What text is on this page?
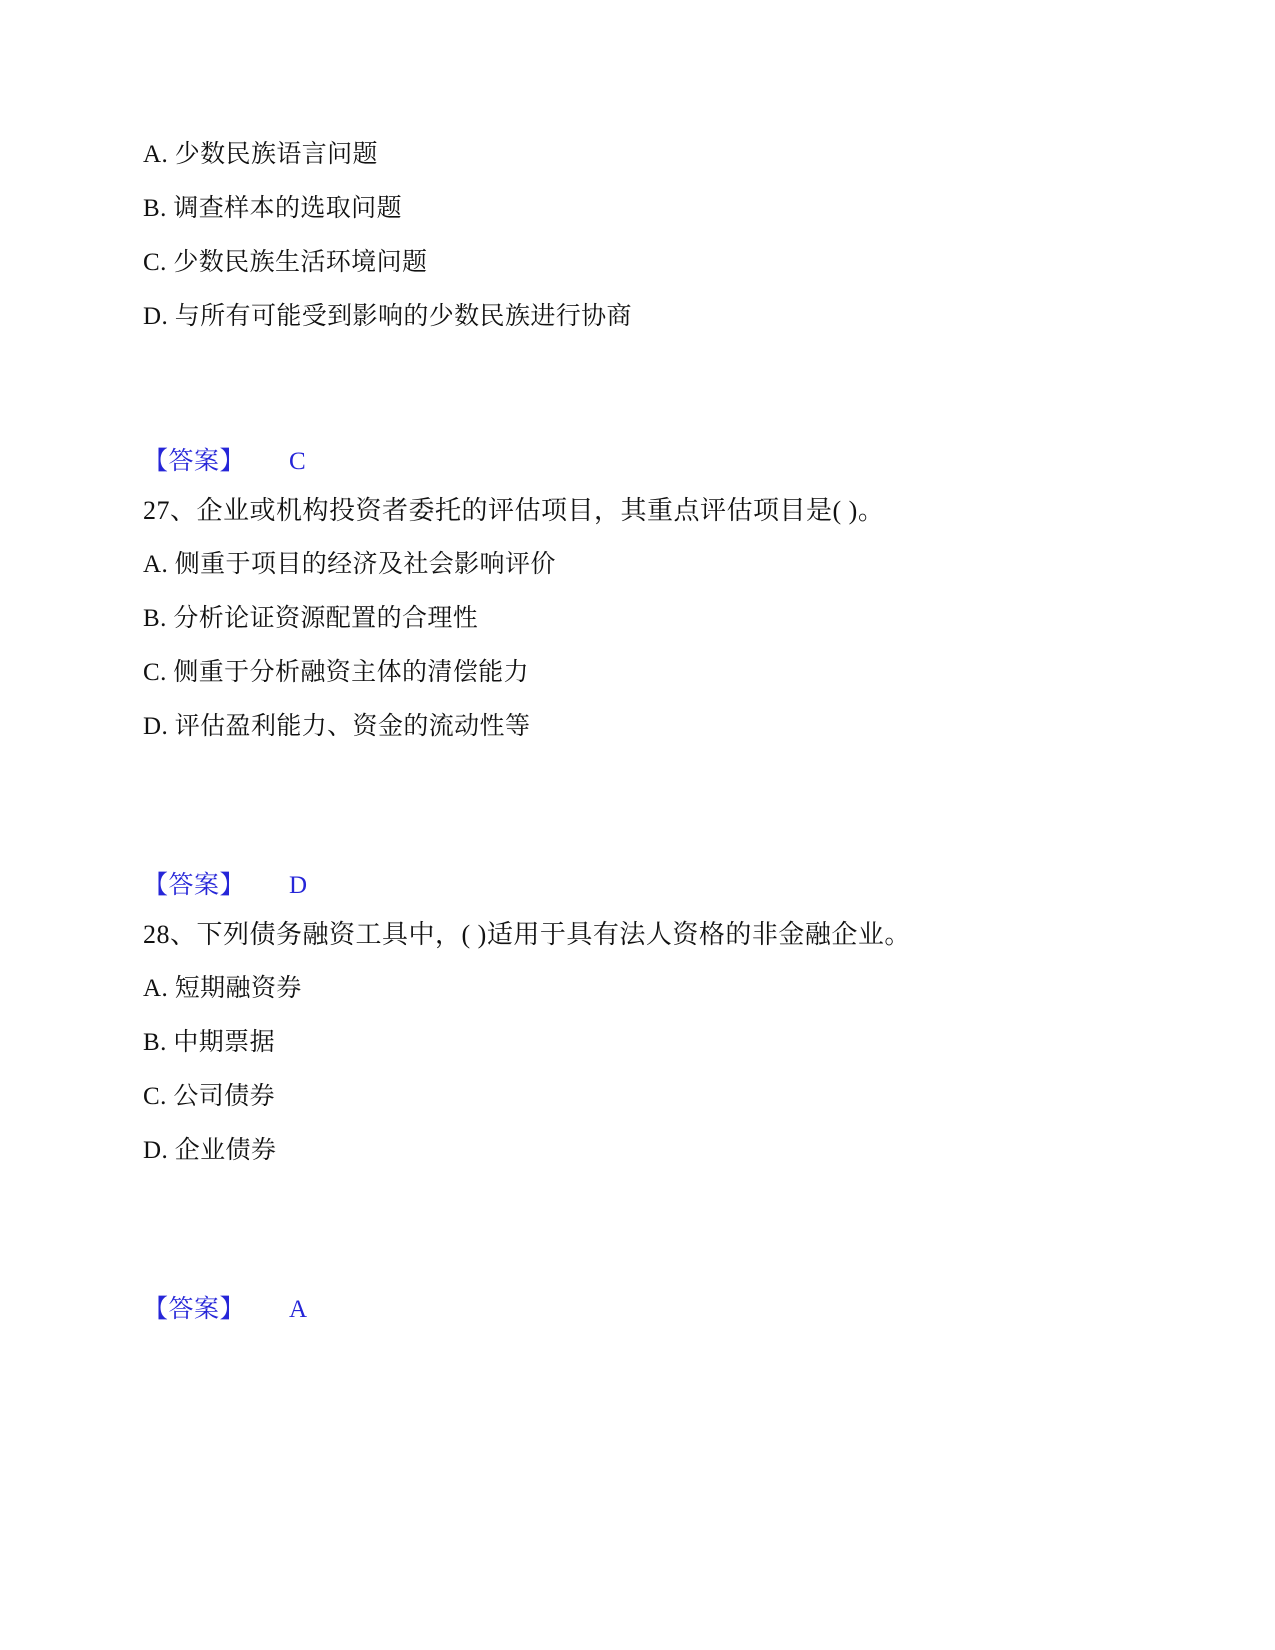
A. 少数民族语言问题
B. 调查样本的选取问题
C. 少数民族生活环境问题
D. 与所有可能受到影响的少数民族进行协商
【答案】 C
27、企业或机构投资者委托的评估项目，其重点评估项目是( )。
A. 侧重于项目的经济及社会影响评价
B. 分析论证资源配置的合理性
C. 侧重于分析融资主体的清偿能力
D. 评估盈利能力、资金的流动性等
【答案】 D
28、下列债务融资工具中，( )适用于具有法人资格的非金融企业。
A. 短期融资券
B. 中期票据
C. 公司债券
D. 企业债券
【答案】 A
